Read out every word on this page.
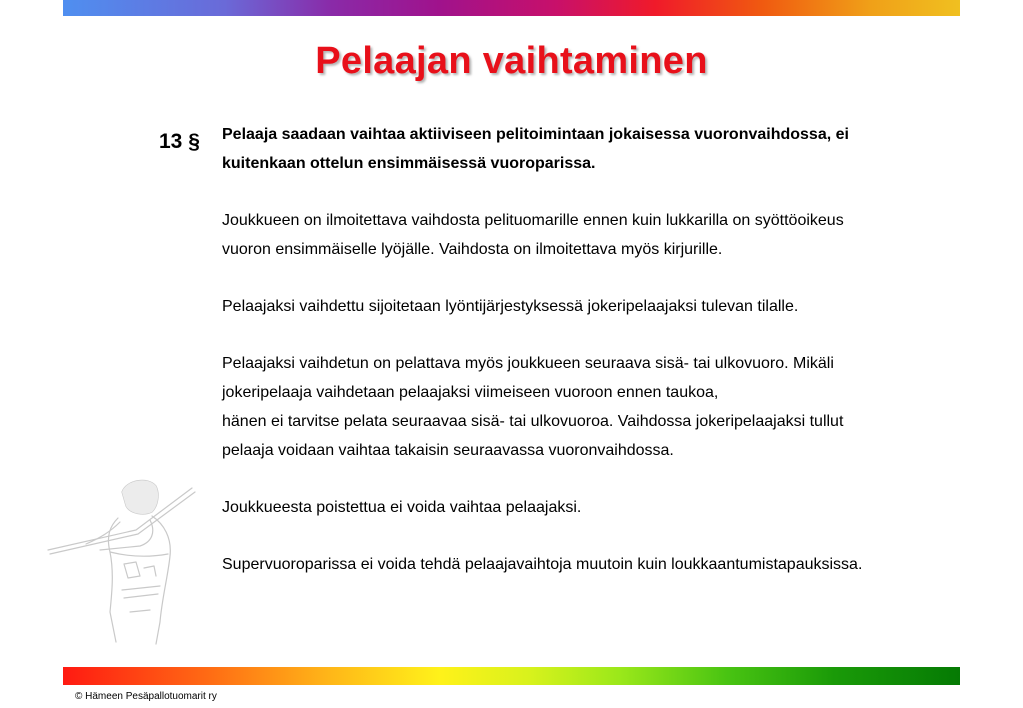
Pelaajan vaihtaminen
13 § Pelaaja saadaan vaihtaa aktiiviseen pelitoimintaan jokaisessa vuoronvaihdossa, ei
kuitenkaan ottelun ensimmäisessä vuoroparissa.
Joukkueen on ilmoitettava vaihdosta pelituomarille ennen kuin lukkarilla on syöttöoikeus
vuoron ensimmäiselle lyöjälle. Vaihdosta on ilmoitettava myös kirjurille.
Pelaajaksi vaihdettu sijoitetaan lyöntijärjestyksessä jokeripelaajaksi tulevan tilalle.
Pelaajaksi vaihdetun on pelattava myös joukkueen seuraava sisä- tai ulkovuoro. Mikäli
jokeripelaaja vaihdetaan pelaajaksi viimeiseen vuoroon ennen taukoa,
hänen ei tarvitse pelata seuraavaa sisä- tai ulkovuoroa. Vaihdossa jokeripelaajaksi tullut
pelaaja voidaan vaihtaa takaisin seuraavassa vuoronvaihdossa.
Joukkueesta poistettua ei voida vaihtaa pelaajaksi.
Supervuoroparissa ei voida tehdä pelaajavaihtoja muutoin kuin loukkaantumistapauksissa.
© Hämeen Pesäpallotuomarit ry
